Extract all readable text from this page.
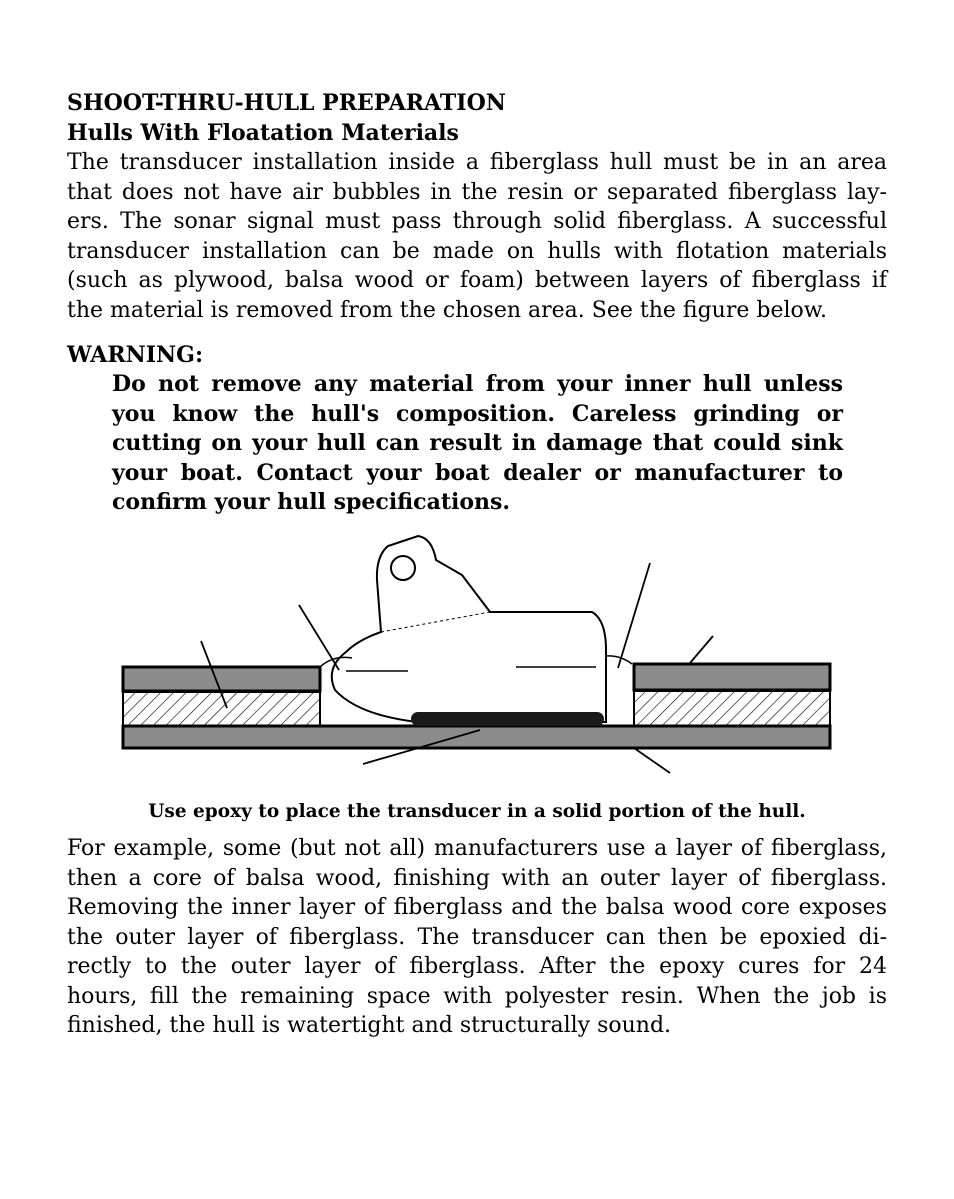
SHOOT-THRU-HULL PREPARATION

Hulls With Floatation Materials

The transducer installation inside a fiberglass hull must be in an area
that does not have air bubbles in the resin or separated fiberglass lay-
ers. The sonar signal must pass through solid fiberglass. A successful
transducer installation can be made on hulls with flotation materials
(such as plywood, balsa wood or foam) between layers of fiberglass if
the material is removed from the chosen area. See the figure below.

WARNING:

Do not remove any material from your inner hull unless
you know the hull's composition. Careless grinding or
cutting on your hull can result in damage that could sink
your boat. Contact your boat dealer or manufacturer to
confirm your hull specifications.

Use epoxy to place the transducer in a solid portion of the hull.

For example, some (but not all) manufacturers use a layer of fiberglass,
then a core of balsa wood, finishing with an outer layer of fiberglass.
Removing the inner layer of fiberglass and the balsa wood core exposes
the outer layer of fiberglass. The transducer can then be epoxied di-
rectly to the outer layer of fiberglass. After the epoxy cures for 24
hours, fill the remaining space with polyester resin. When the job is
finished, the hull is watertight and structurally sound.
